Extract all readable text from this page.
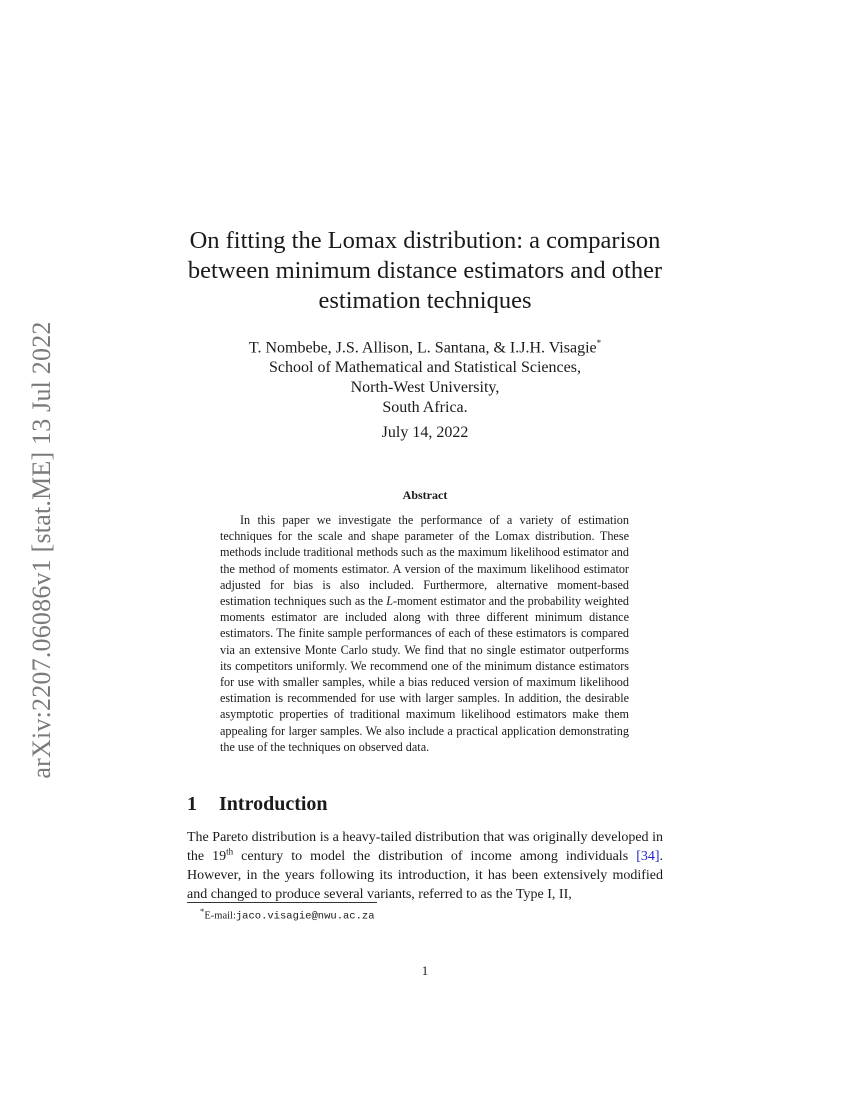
arXiv:2207.06086v1 [stat.ME] 13 Jul 2022
On fitting the Lomax distribution: a comparison between minimum distance estimators and other estimation techniques
T. Nombebe, J.S. Allison, L. Santana, & I.J.H. Visagie*
School of Mathematical and Statistical Sciences,
North-West University,
South Africa.
July 14, 2022
Abstract
In this paper we investigate the performance of a variety of estimation techniques for the scale and shape parameter of the Lomax distribution. These methods include traditional methods such as the maximum likelihood estimator and the method of moments estimator. A version of the maximum likelihood estimator adjusted for bias is also included. Furthermore, alternative moment-based estimation techniques such as the L-moment estimator and the probability weighted moments estimator are included along with three different minimum distance estimators. The finite sample performances of each of these estimators is compared via an extensive Monte Carlo study. We find that no single estimator outperforms its competitors uniformly. We recommend one of the minimum distance estimators for use with smaller samples, while a bias reduced version of maximum likelihood estimation is recommended for use with larger samples. In addition, the desirable asymptotic properties of traditional maximum likelihood estimators make them appealing for larger samples. We also include a practical application demonstrating the use of the techniques on observed data.
1 Introduction
The Pareto distribution is a heavy-tailed distribution that was originally developed in the 19th century to model the distribution of income among individuals [34]. However, in the years following its introduction, it has been extensively modified and changed to produce several variants, referred to as the Type I, II,
*E-mail:jaco.visagie@nwu.ac.za
1
